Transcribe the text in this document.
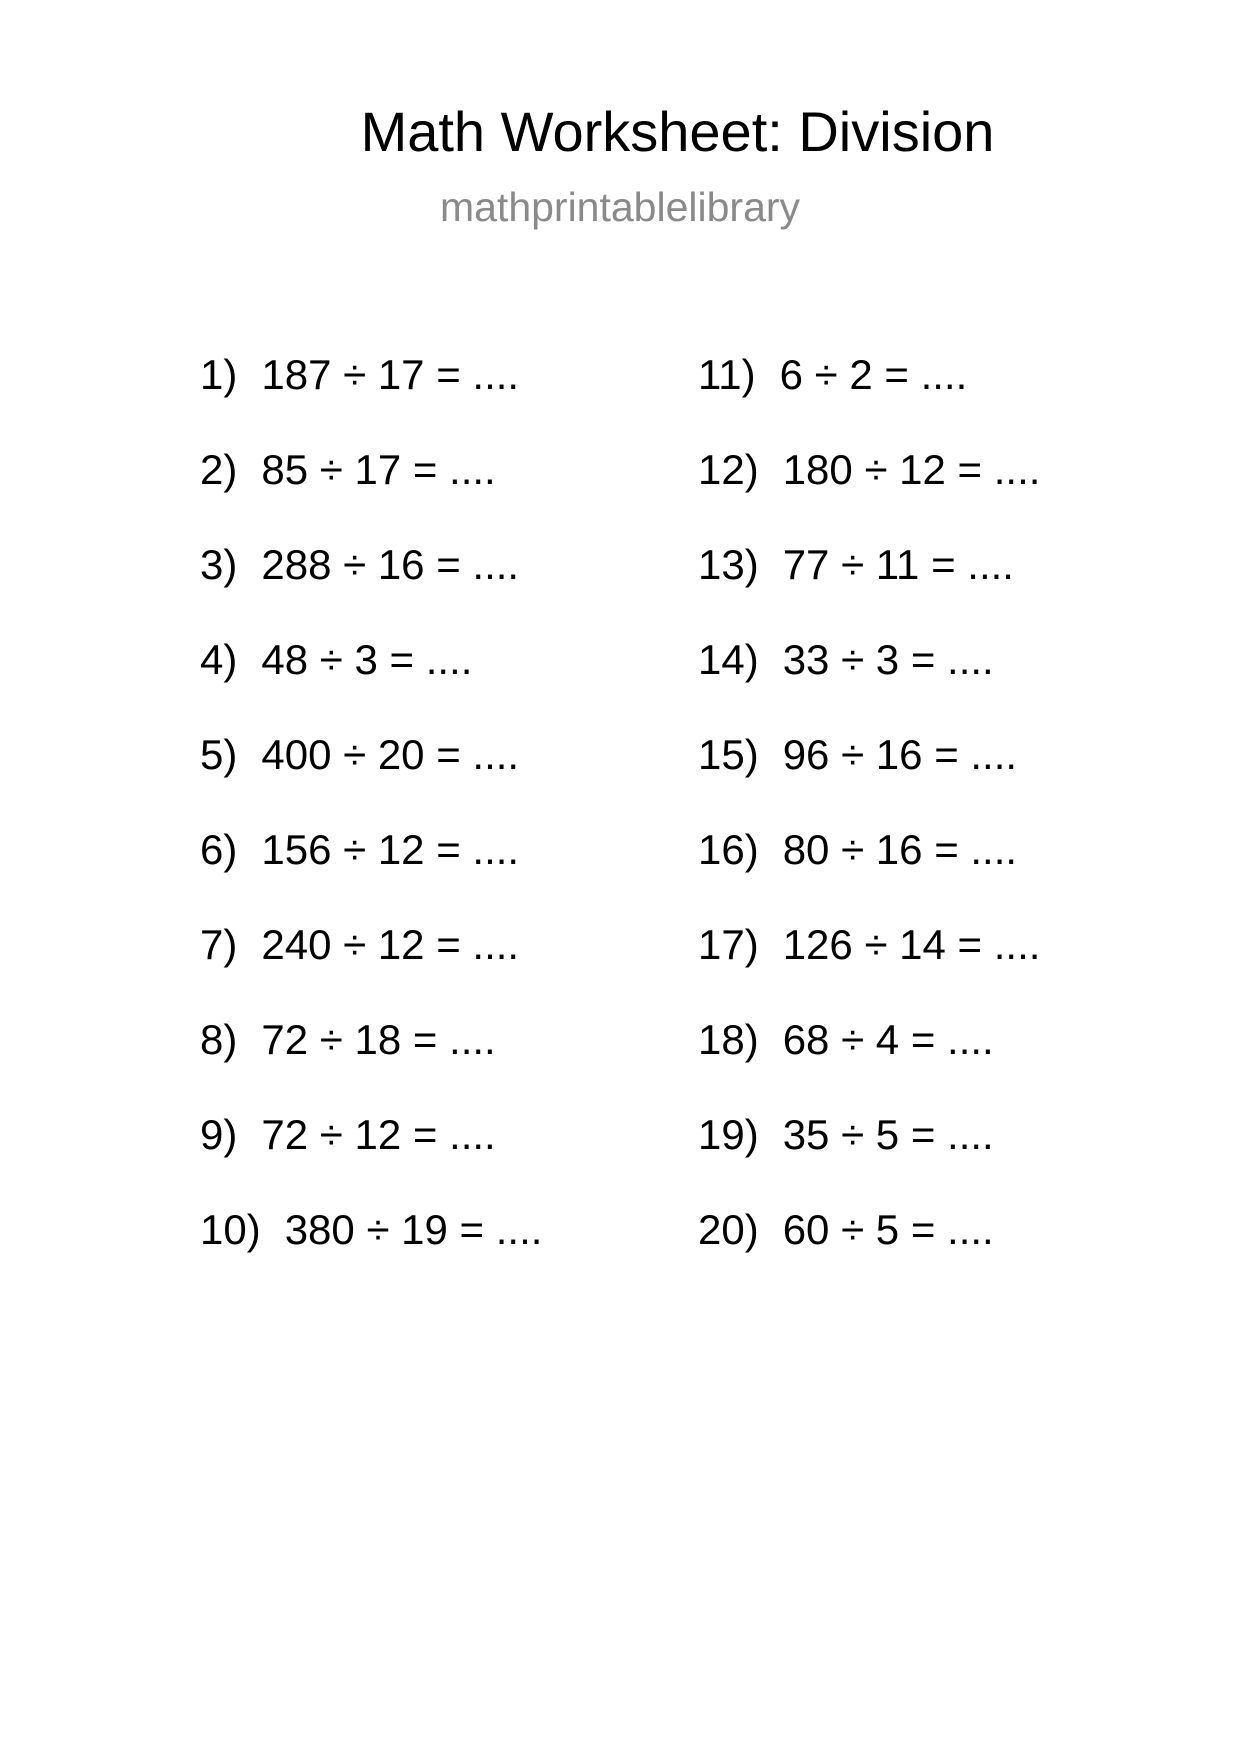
Math Worksheet: Division
mathprintablelibrary
1) 187 ÷ 17 = ....
2) 85 ÷ 17 = ....
3) 288 ÷ 16 = ....
4) 48 ÷ 3 = ....
5) 400 ÷ 20 = ....
6) 156 ÷ 12 = ....
7) 240 ÷ 12 = ....
8) 72 ÷ 18 = ....
9) 72 ÷ 12 = ....
10) 380 ÷ 19 = ....
11) 6 ÷ 2 = ....
12) 180 ÷ 12 = ....
13) 77 ÷ 11 = ....
14) 33 ÷ 3 = ....
15) 96 ÷ 16 = ....
16) 80 ÷ 16 = ....
17) 126 ÷ 14 = ....
18) 68 ÷ 4 = ....
19) 35 ÷ 5 = ....
20) 60 ÷ 5 = ....
